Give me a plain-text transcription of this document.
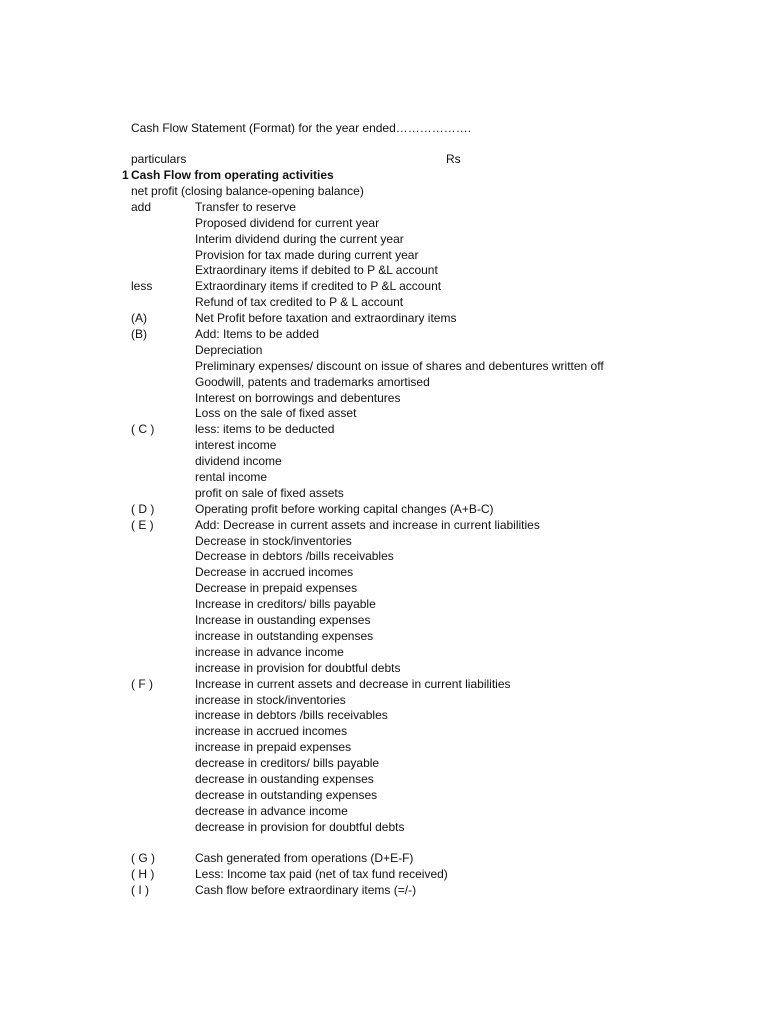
Cash Flow Statement (Format) for the year ended……………….
particulars	Rs
1 Cash Flow from operating activities
net profit (closing balance-opening balance)
add	Transfer to reserve
Proposed dividend for current year
Interim dividend during the current year
Provision for tax made during current year
Extraordinary items if debited to P &L account
less	Extraordinary items if credited to P &L account
Refund of tax credited to P & L account
(A)	Net Profit before taxation and extraordinary items
(B)	Add: Items to be added
Depreciation
Preliminary expenses/ discount on issue of shares and debentures written off
Goodwill, patents and trademarks amortised
Interest on borrowings and debentures
Loss on the sale of fixed asset
( C )	less: items to be deducted
interest income
dividend income
rental income
profit on sale of fixed assets
( D )	Operating profit before working capital changes (A+B-C)
( E )	Add: Decrease in current assets and increase in current liabilities
Decrease in stock/inventories
Decrease in debtors /bills receivables
Decrease in accrued incomes
Decrease in prepaid expenses
Increase in creditors/ bills payable
Increase in oustanding expenses
increase in outstanding expenses
increase in advance income
increase in provision for doubtful debts
( F )	Increase in current assets and decrease in current liabilities
increase in stock/inventories
increase in debtors /bills receivables
increase in accrued incomes
increase in prepaid expenses
decrease in creditors/ bills payable
decrease in oustanding expenses
decrease in outstanding expenses
decrease in advance income
decrease in provision for doubtful debts
( G )	Cash generated from operations (D+E-F)
( H )	Less: Income tax paid (net of tax fund received)
( I )	Cash flow before extraordinary items (=/-)
